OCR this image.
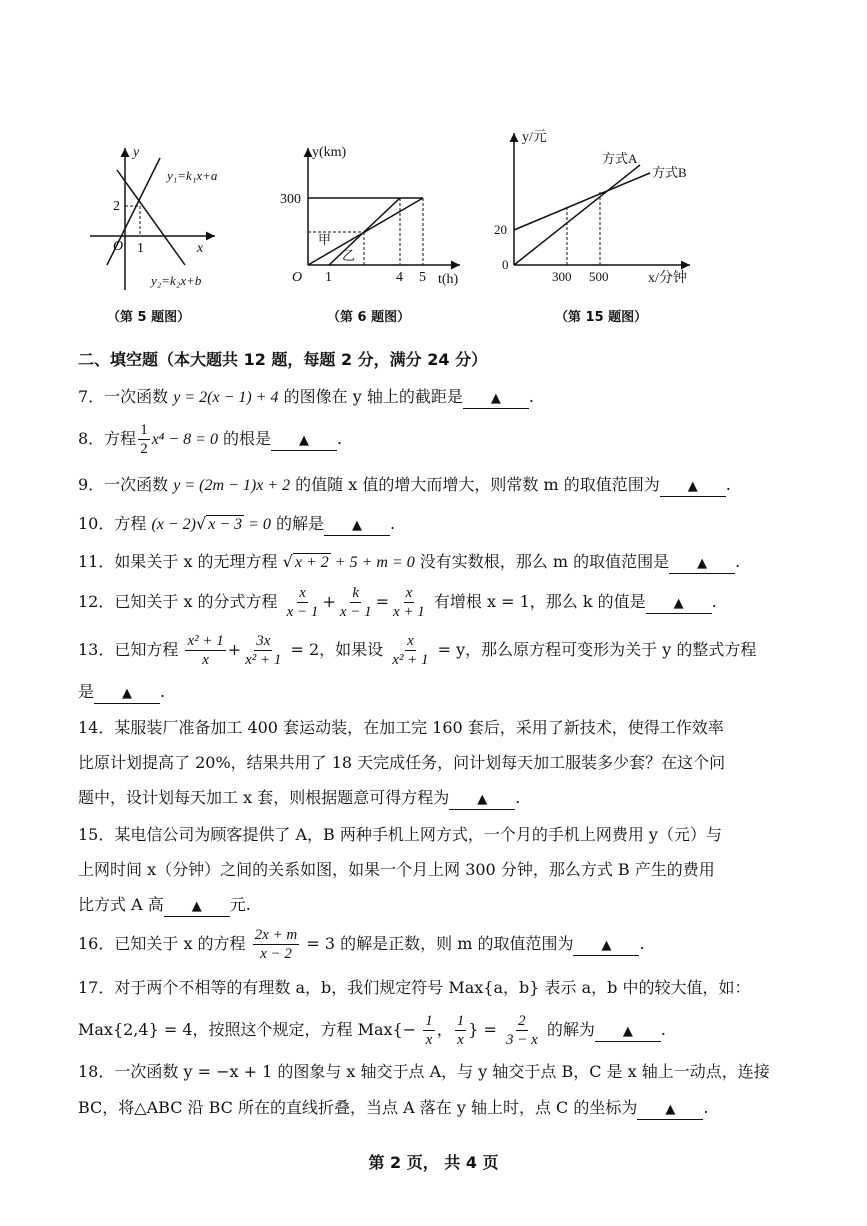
y
x
O
2
1
y₁=k₁x+a
y₂=k₂x+b
（第 5 题图）
y(km)
t(h)
O
300
1	4 5
甲
乙
（第 6 题图）
y/元
x/分钟
0
20
300 500
方式A
方式B
（第 15 题图）
二、填空题（本大题共 12 题，每题 2 分，满分 24 分）
7．一次函数 y = 2(x − 1) + 4 的图像在 y 轴上的截距是 ▲ .
8．方程 $\frac{1}{2} x^4 - 8 = 0$ 的根是 ▲ .
9．一次函数 y = (2m − 1)x + 2 的值随 x 值的增大而增大，则常数 m 的取值范围为 ▲ .
10．方程 (x − 2)√ x − 3 = 0 的解是 ▲ .
11．如果关于 x 的无理方程 √ x + 2 + 5 + m = 0 没有实数根，那么 m 的取值范围是 ▲ .
12．已知关于 x 的分式方程 $\frac{x}{x - 1} + \frac{k}{x - 1} = \frac{x}{x + 1}$ 有增根 x = 1，那么 k 的值是 ▲ .
13．已知方程 $\frac{\text{x² + 1}}{x} + \frac{3x}{\text{x² + 1}} = 2$，如果设 $\frac{x}{\text{x² + 1}} = y$，那么原方程可变形为关于 y 的整式方程
是 ▲ .
14．某服装厂准备加工 400 套运动装，在加工完 160 套后，采用了新技术，使得工作效率
比原计划提高了 20%，结果共用了 18 天完成任务，问计划每天加工服装多少套？在这个问
题中，设计划每天加工 x 套，则根据题意可得方程为 ▲ .
15．某电信公司为顾客提供了 A，B 两种手机上网方式，一个月的手机上网费用 y（元）与
上网时间 x（分钟）之间的关系如图，如果一个月上网 300 分钟，那么方式 B 产生的费用
比方式 A 高 ▲ 元.
16．已知关于 x 的方程 $\frac{2x + m}{x - 2} = 3$ 的解是正数，则 m 的取值范围为 ▲ .
17．对于两个不相等的有理数 a，b，我们规定符号 Max{a，b} 表示 a，b 中的较大值，如：
Max{2,4} = 4，按照这个规定，方程 $Max\{- \frac{1}{x}$ ， $\frac{1}{x}$ } = $\frac{2}{3 - x}$ 的解为 ▲ .
18．一次函数 y = −x + 1 的图象与 x 轴交于点 A，与 y 轴交于点 B，C 是 x 轴上一动点，连接
BC，将△ABC 沿 BC 所在的直线折叠，当点 A 落在 y 轴上时，点 C 的坐标为 ▲ .
第 2 页， 共 4 页
